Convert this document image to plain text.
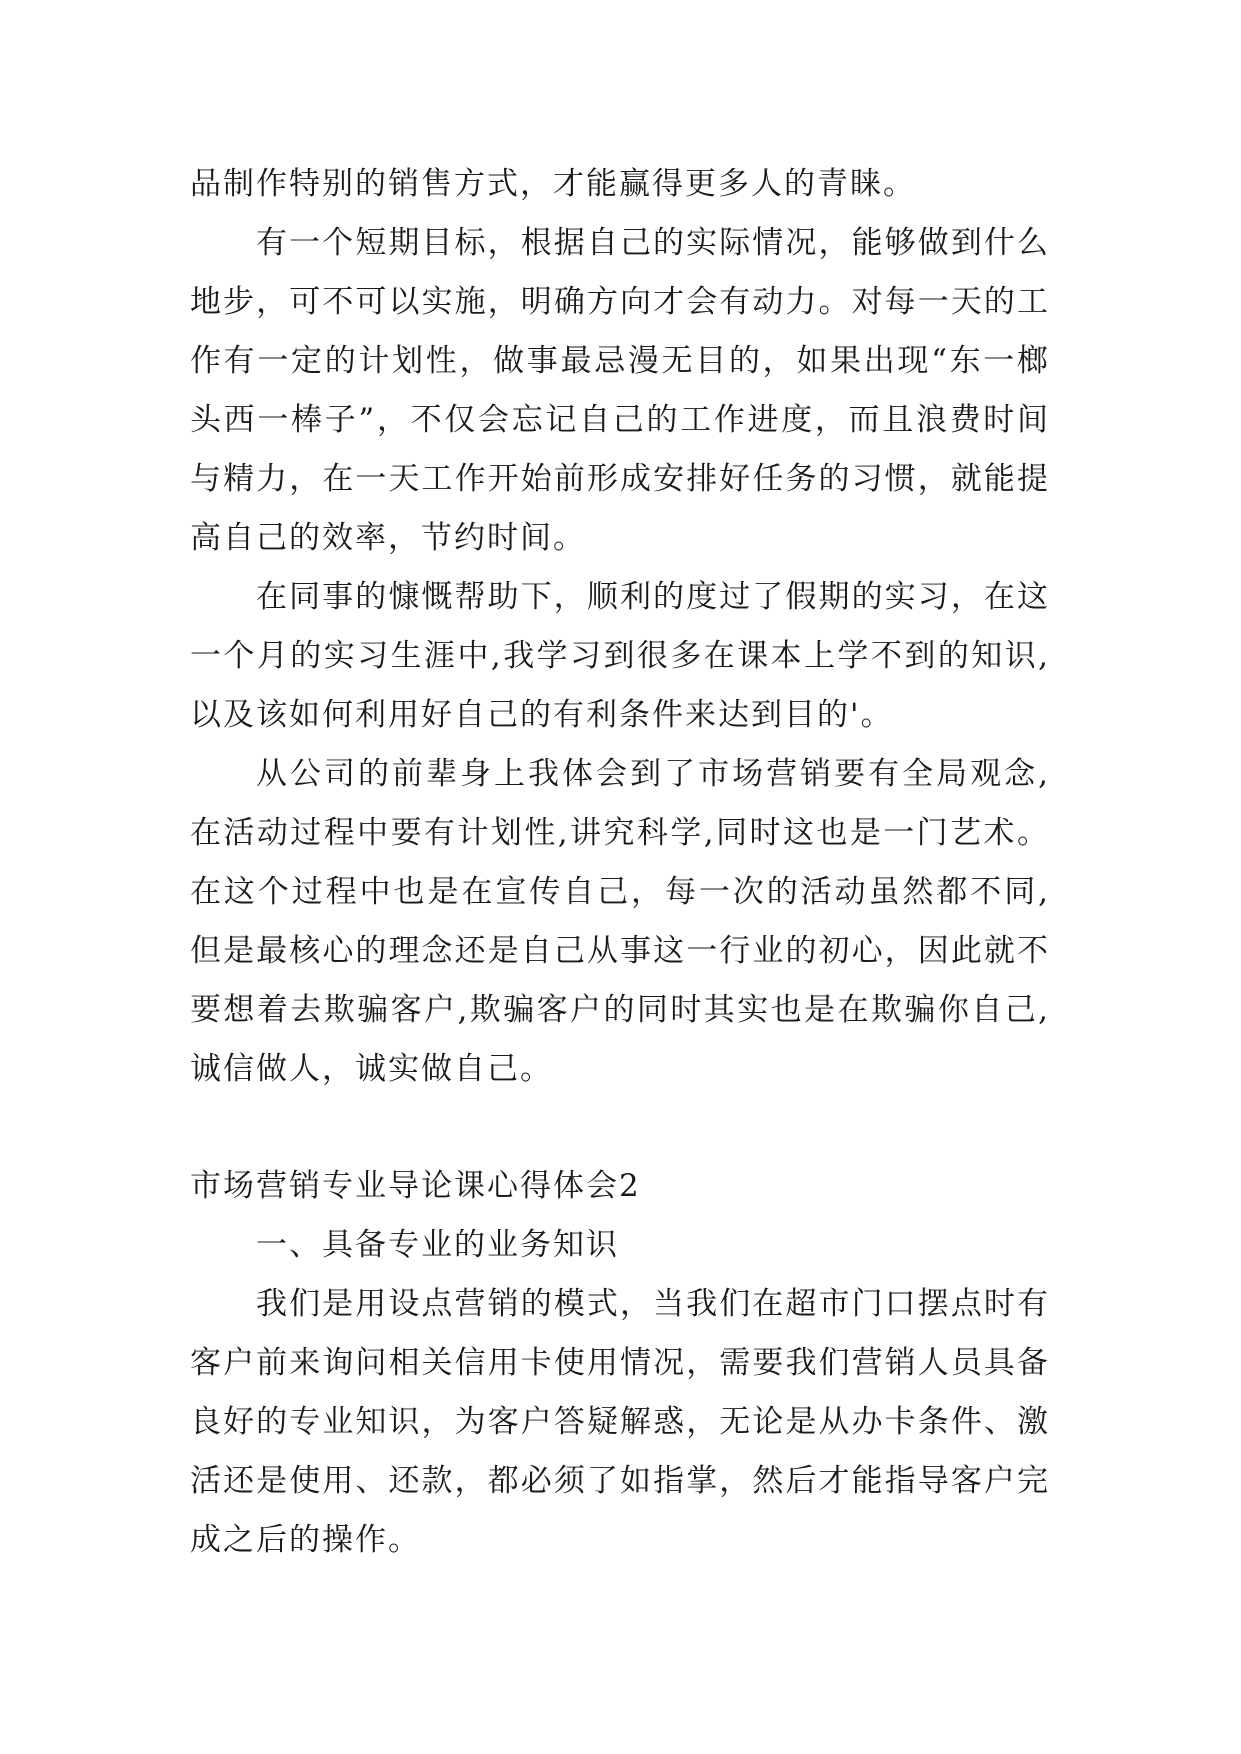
品制作特别的销售方式，才能赢得更多人的青睐。

有一个短期目标，根据自己的实际情况，能够做到什么地步，可不可以实施，明确方向才会有动力。对每一天的工作有一定的计划性，做事最忌漫无目的，如果出现“东一榔头西一棒子”，不仅会忘记自己的工作进度，而且浪费时间与精力，在一天工作开始前形成安排好任务的习惯，就能提高自己的效率，节约时间。

在同事的慷慨帮助下，顺利的度过了假期的实习，在这一个月的实习生涯中,我学习到很多在课本上学不到的知识,以及该如何利用好自己的有利条件来达到目的'。

从公司的前辈身上我体会到了市场营销要有全局观念,在活动过程中要有计划性,讲究科学,同时这也是一门艺术。在这个过程中也是在宣传自己，每一次的活动虽然都不同,但是最核心的理念还是自己从事这一行业的初心，因此就不要想着去欺骗客户,欺骗客户的同时其实也是在欺骗你自己,诚信做人，诚实做自己。

市场营销专业导论课心得体会2

一、具备专业的业务知识

我们是用设点营销的模式，当我们在超市门口摆点时有客户前来询问相关信用卡使用情况，需要我们营销人员具备良好的专业知识，为客户答疑解惑，无论是从办卡条件、激活还是使用、还款，都必须了如指掌，然后才能指导客户完成之后的操作。
